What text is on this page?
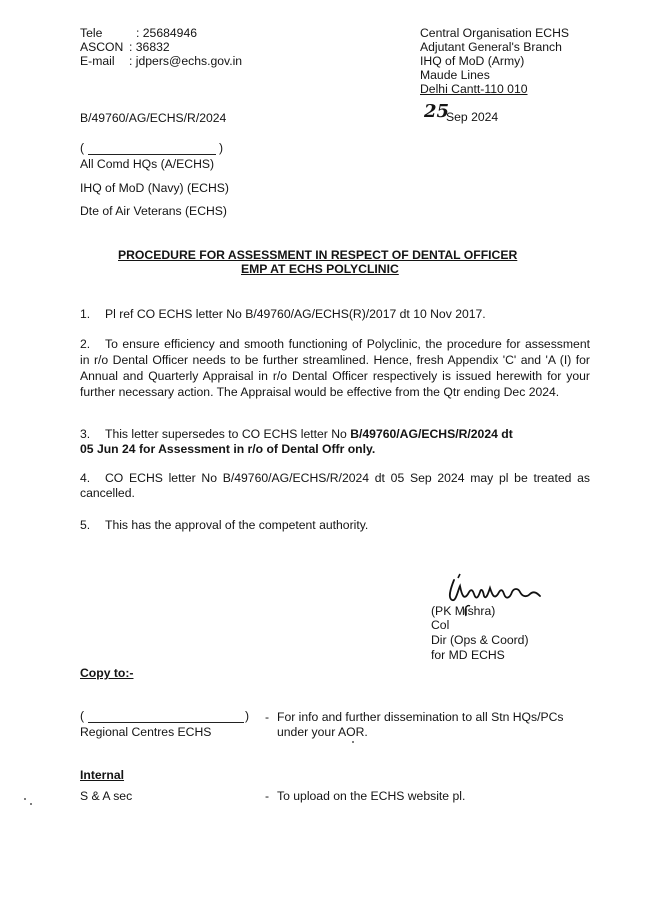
Tele	: 25684946
ASCON : 36832
E-mail : jdpers@echs.gov.in
Central Organisation ECHS
Adjutant General's Branch
IHQ of MoD (Army)
Maude Lines
Delhi Cantt-110 010
B/49760/AG/ECHS/R/2024	25
Sep 2024
(	)
All Comd HQs (A/ECHS)
IHQ of MoD (Navy) (ECHS)
Dte of Air Veterans (ECHS)
PROCEDURE FOR ASSESSMENT IN RESPECT OF DENTAL OFFICER
EMP AT ECHS POLYCLINIC
1. Pl ref CO ECHS letter No B/49760/AG/ECHS(R)/2017 dt 10 Nov 2017.
2. To ensure efficiency and smooth functioning of Polyclinic, the procedure for assessment in r/o Dental Officer needs to be further streamlined. Hence, fresh Appendix 'C' and 'A (I) for Annual and Quarterly Appraisal in r/o Dental Officer respectively is issued herewith for your further necessary action. The Appraisal would be effective from the Qtr ending Dec 2024.
3. This letter supersedes to CO ECHS letter No B/49760/AG/ECHS/R/2024 dt
05 Jun 24 for Assessment in r/o of Dental Offr only.
4. CO ECHS letter No B/49760/AG/ECHS/R/2024 dt 05 Sep 2024 may pl be treated as cancelled.
5. This has the approval of the competent authority.
(PK Mishra)
Col
Dir (Ops & Coord)
for MD ECHS
Copy to:-
(	)
Regional Centres ECHS
- For info and further dissemination to all Stn HQs/PCs
under your AOR.
Internal
S & A sec	- To upload on the ECHS website pl.
